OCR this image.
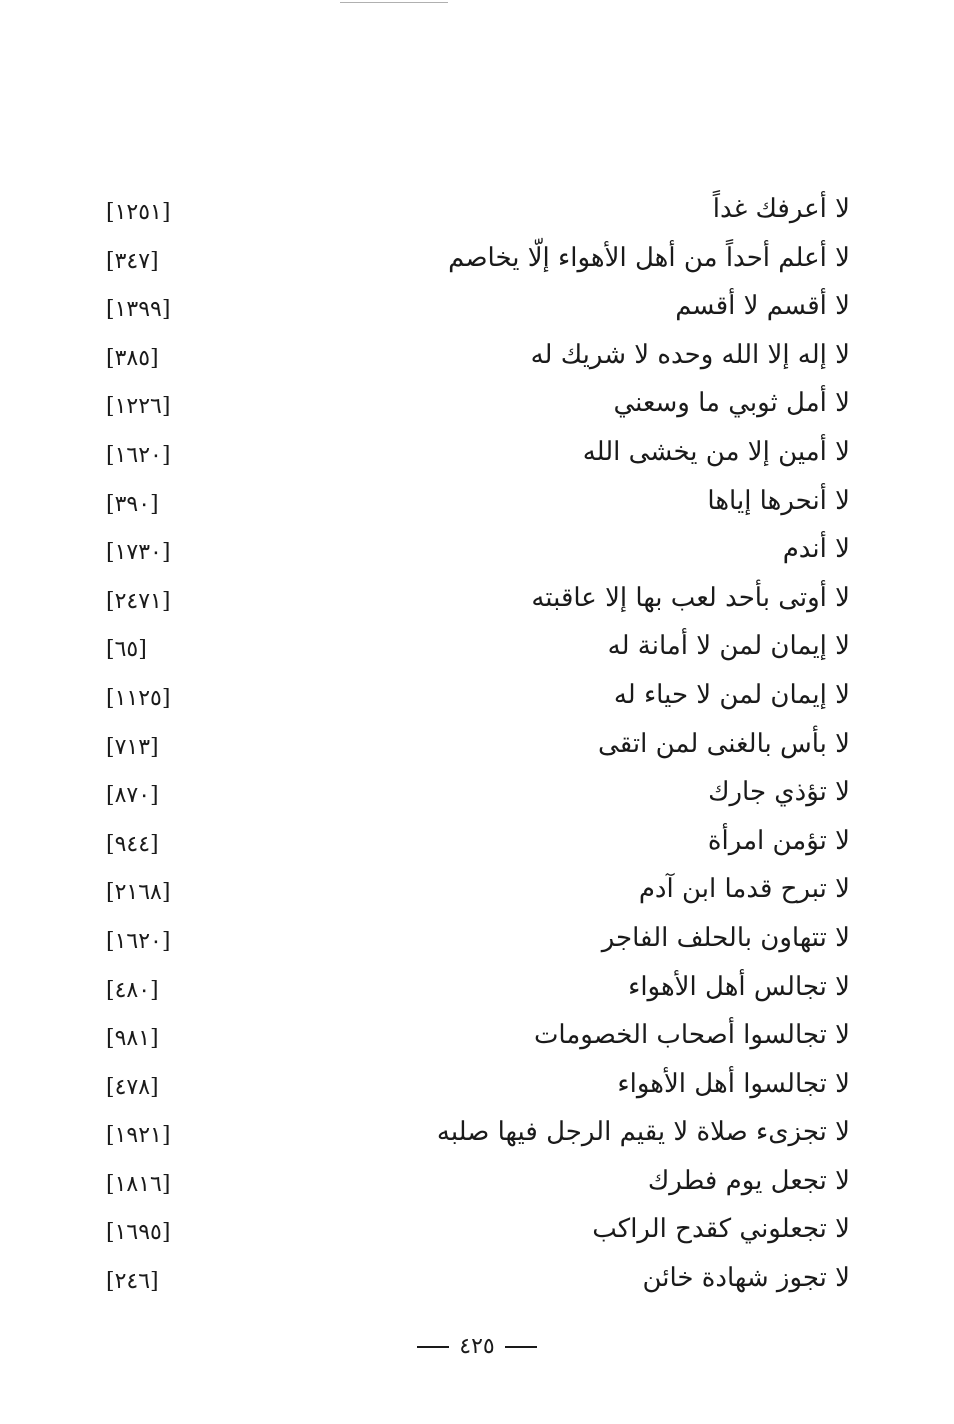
لا أعرفك غداً
[١٢٥١]
لا أعلم أحداً من أهل الأهواء إلّا يخاصم
[٣٤٧]
لا أقسم لا أقسم
[١٣٩٩]
لا إله إلا الله وحده لا شريك له
[٣٨٥]
لا أمل ثوبي ما وسعني
[١٢٢٦]
لا أمين إلا من يخشى الله
[١٦٢٠]
لا أنحرها إياها
[٣٩٠]
لا أندم
[١٧٣٠]
لا أوتى بأحد لعب بها إلا عاقبته
[٢٤٧١]
لا إيمان لمن لا أمانة له
[٦٥]
لا إيمان لمن لا حياء له
[١١٢٥]
لا بأس بالغنى لمن اتقى
[٧١٣]
لا تؤذي جارك
[٨٧٠]
لا تؤمن امرأة
[٩٤٤]
لا تبرح قدما ابن آدم
[٢١٦٨]
لا تتهاون بالحلف الفاجر
[١٦٢٠]
لا تجالس أهل الأهواء
[٤٨٠]
لا تجالسوا أصحاب الخصومات
[٩٨١]
لا تجالسوا أهل الأهواء
[٤٧٨]
لا تجزىء صلاة لا يقيم الرجل فيها صلبه
[١٩٢١]
لا تجعل يوم فطرك
[١٨١٦]
لا تجعلوني كقدح الراكب
[١٦٩٥]
لا تجوز شهادة خائن
[٢٤٦]
٤٢٥
